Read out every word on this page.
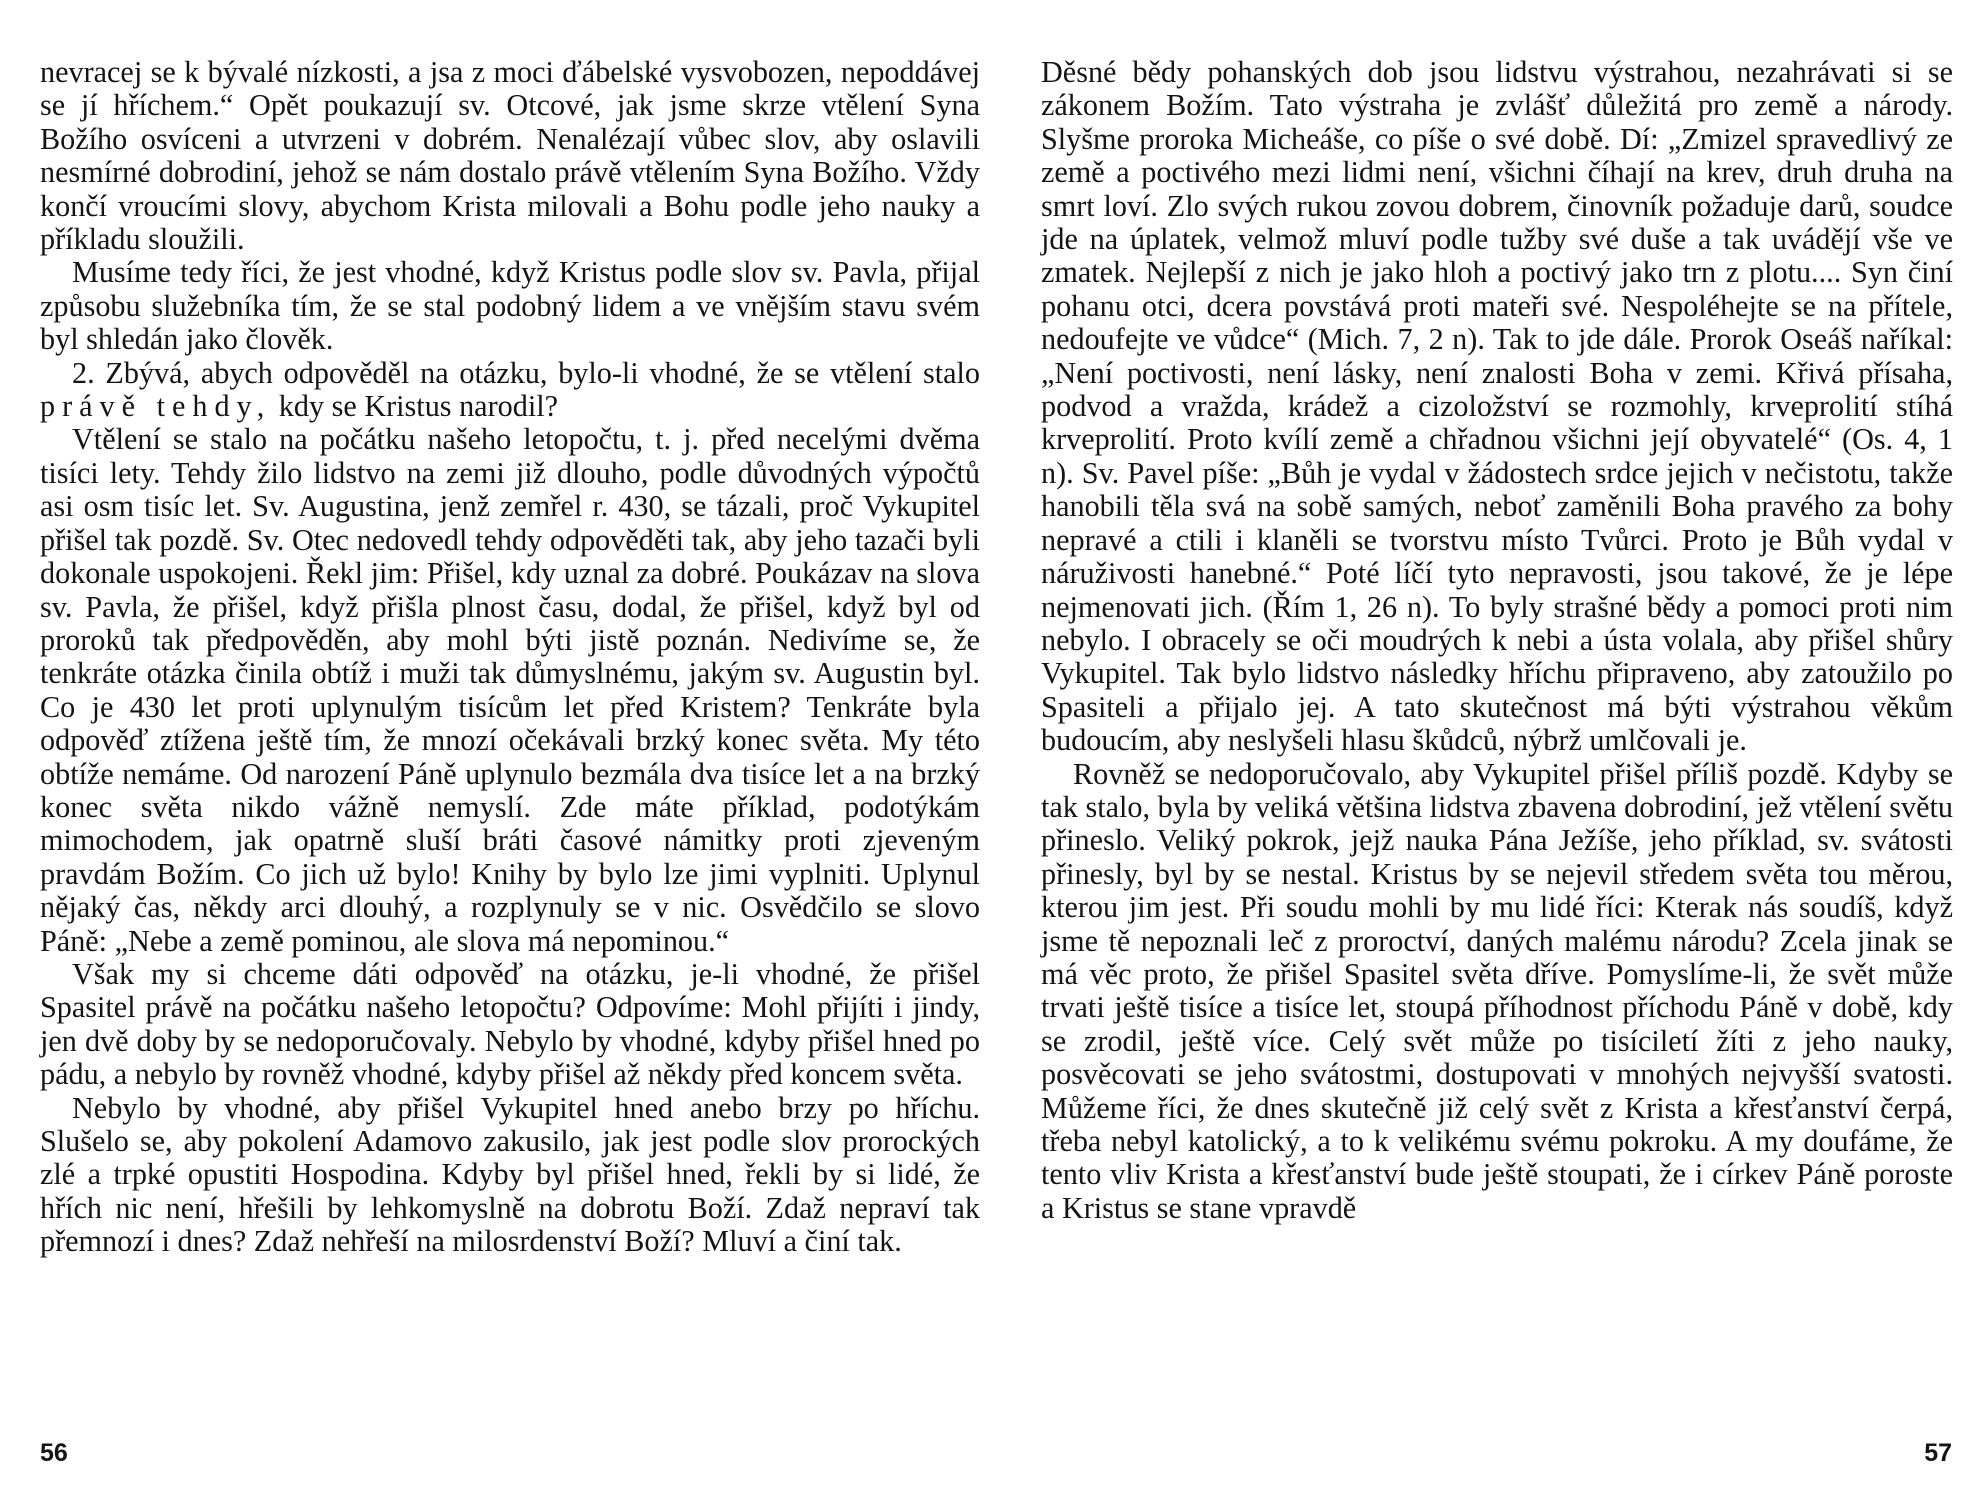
nevracej se k bývalé nízkosti, a jsa z moci ďábelské vysvobozen, nepoddávej se jí hříchem.“ Opět poukazují sv. Otcové, jak jsme skrze vtělení Syna Božího osvíceni a utvrzeni v dobrém. Nenalézají vůbec slov, aby oslavili nesmírné dobrodiní, jehož se nám dostalo právě vtělením Syna Božího. Vždy končí vroucími slovy, abychom Krista milovali a Bohu podle jeho nauky a příkladu sloužili.

Musíme tedy říci, že jest vhodné, když Kristus podle slov sv. Pavla, přijal způsobu služebníka tím, že se stal podobný lidem a ve vnějším stavu svém byl shledán jako člověk.

2. Zbývá, abych odpověděl na otázku, bylo-li vhodné, že se vtělení stalo právě tehdy, kdy se Kristus narodil?

Vtělení se stalo na počátku našeho letopočtu, t. j. před necelými dvěma tisíci lety. Tehdy žilo lidstvo na zemi již dlouho, podle důvodných výpočtů asi osm tisíc let. Sv. Augustina, jenž zemřel r. 430, se tázali, proč Vykupitel přišel tak pozdě. Sv. Otec nedovedl tehdy odpověděti tak, aby jeho tazači byli dokonale uspokojeni. Řekl jim: Přišel, kdy uznal za dobré. Poukázav na slova sv. Pavla, že přišel, když přišla plnost času, dodal, že přišel, když byl od proroků tak předpověděn, aby mohl býti jistě poznán. Nedivíme se, že tenkráte otázka činila obtíž i muži tak důmyslnému, jakým sv. Augustin byl. Co je 430 let proti uplynulým tisícům let před Kristem? Tenkráte byla odpověď ztížena ještě tím, že mnozí očekávali brzký konec světa. My této obtíže nemáme. Od narození Páně uplynulo bezmála dva tisíce let a na brzký konec světa nikdo vážně nemyslí. Zde máte příklad, podotýkám mimochodem, jak opatrně sluší bráti časové námitky proti zjeveným pravdám Božím. Co jich už bylo! Knihy by bylo lze jimi vyplniti. Uplynul nějaký čas, někdy arci dlouhý, a rozplynuly se v nic. Osvědčilo se slovo Páně: „Nebe a země pominou, ale slova má nepominou.“

Však my si chceme dáti odpověď na otázku, je-li vhodné, že přišel Spasitel právě na počátku našeho letopočtu? Odpovíme: Mohl přijíti i jindy, jen dvě doby by se nedoporučovaly. Nebylo by vhodné, kdyby přišel hned po pádu, a nebylo by rovněž vhodné, kdyby přišel až někdy před koncem světa.

Nebylo by vhodné, aby přišel Vykupitel hned anebo brzy po hříchu. Slušelo se, aby pokolení Adamovo zakusilo, jak jest podle slov prorockých zlé a trpké opustiti Hospodina. Kdyby byl přišel hned, řekli by si lidé, že hřích nic není, hřešili by lehkomyslně na dobrotu Boží. Zdaž nepraví tak přemnozí i dnes? Zdaž nehřeší na milosrdenství Boží? Mluví a činí tak.

56

Děsné bědy pohanských dob jsou lidstvu výstrahou, nezahrávati si se zákonem Božím. Tato výstraha je zvlášť důležitá pro země a národy. Slyšme proroka Micheáše, co píše o své době. Dí: „Zmizel spravedlivý ze země a poctivého mezi lidmi není, všichni číhají na krev, druh druha na smrt loví. Zlo svých rukou zovou dobrem, činovník požaduje darů, soudce jde na úplatek, velmož mluví podle tužby své duše a tak uvádějí vše ve zmatek. Nejlepší z nich je jako hloh a poctivý jako trn z plotu.... Syn činí pohanu otci, dcera povstává proti mateři své. Nespoléhejte se na přítele, nedoufejte ve vůdce“ (Mich. 7, 2 n). Tak to jde dále. Prorok Oseáš naříkal: „Není poctivosti, není lásky, není znalosti Boha v zemi. Křivá přísaha, podvod a vražda, krádež a cizoložství se rozmohly, krveprolití stíhá krveprolití. Proto kvílí země a chřadnou všichni její obyvatelé“ (Os. 4, 1 n). Sv. Pavel píše: „Bůh je vydal v žádostech srdce jejich v nečistotu, takže hanobili těla svá na sobě samých, neboť zaměnili Boha pravého za bohy nepravé a ctili i klaněli se tvorstvu místo Tvůrci. Proto je Bůh vydal v náruživosti hanebné.“ Poté líčí tyto nepravosti, jsou takové, že je lépe nejmenovati jich. (Řím 1, 26 n). To byly strašné bědy a pomoci proti nim nebylo. I obracely se oči moudrých k nebi a ústa volala, aby přišel shůry Vykupitel. Tak bylo lidstvo následky hříchu připraveno, aby zatoužilo po Spasiteli a přijalo jej. A tato skutečnost má býti výstrahou věkům budoucím, aby neslyšeli hlasu škůdců, nýbrž umlčovali je.

Rovněž se nedoporučovalo, aby Vykupitel přišel příliš pozdě. Kdyby se tak stalo, byla by veliká většina lidstva zbavena dobrodiní, jež vtělení světu přineslo. Veliký pokrok, jejž nauka Pána Ježíše, jeho příklad, sv. svátosti přinesly, byl by se nestal. Kristus by se nejevil středem světa tou měrou, kterou jim jest. Při soudu mohli by mu lidé říci: Kterak nás soudíš, když jsme tě nepoznali leč z proroctví, daných malému národu? Zcela jinak se má věc proto, že přišel Spasitel světa dříve. Pomyslíme-li, že svět může trvati ještě tisíce a tisíce let, stoupá příhodnost příchodu Páně v době, kdy se zrodil, ještě více. Celý svět může po tisíciletí žíti z jeho nauky, posvěcovati se jeho svátostmi, dostupovati v mnohých nejvyšší svatosti. Můžeme říci, že dnes skutečně již celý svět z Krista a křesťanství čerpá, třeba nebyl katolický, a to k velikému svému pokroku. A my doufáme, že tento vliv Krista a křesťanství bude ještě stoupati, že i církev Páně poroste a Kristus se stane vpravdě

57
